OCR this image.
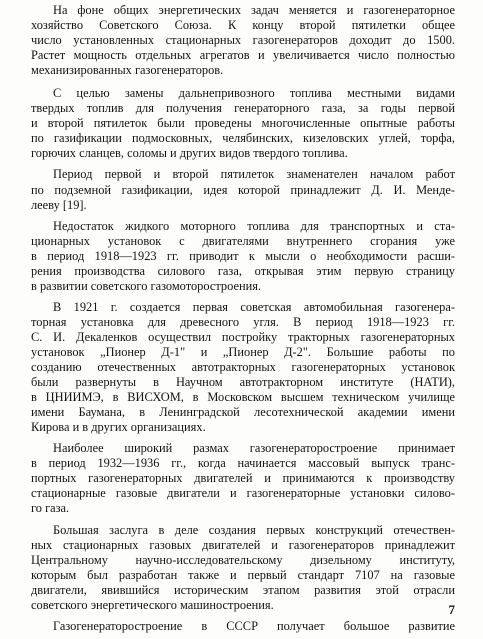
На фоне общих энергетических задач меняется и газогенераторное
хозяйство Советского Союза. К концу второй пятилетки общее
число установленных стационарных газогенераторов доходит до 1500.
Растет мощность отдельных агрегатов и увеличивается число полностью
механизированных газогенераторов.
С целью замены дальнепривозного топлива местными видами
твердых топлив для получения генераторного газа, за годы первой
и второй пятилеток были проведены многочисленные опытные работы
по газификации подмосковных, челябинских, кизеловских углей, торфа,
горючих сланцев, соломы и других видов твердого топлива.
Период первой и второй пятилеток знаменателен началом работ
по подземной газификации, идея которой принадлежит Д. И. Менде-
лееву [19].
Недостаток жидкого моторного топлива для транспортных и ста-
ционарных установок с двигателями внутреннего сгорания уже
в период 1918—1923 гг. приводит к мысли о необходимости расши-
рения производства силового газа, открывая этим первую страницу
в развитии советского газомоторостроения.
В 1921 г. создается первая советская автомобильная газогенера-
торная установка для древесного угля. В период 1918—1923 гг.
С. И. Декаленков осуществил постройку тракторных газогенераторных
установок „Пионер Д-1" и „Пионер Д-2". Большие работы по
созданию отечественных автотракторных газогенераторных установок
были развернуты в Научном автотракторном институте (НАТИ),
в ЦНИИМЭ, в ВИСХОМ, в Московском высшем техническом училище
имени Баумана, в Ленинградской лесотехнической академии имени
Кирова и в других организациях.
Наиболее широкий размах газогенераторостроение принимает
в период 1932—1936 гг., когда начинается массовый выпуск транс-
портных газогенераторных двигателей и принимаются к производству
стационарные газовые двигатели и газогенераторные установки силово-
го газа.
Большая заслуга в деле создания первых конструкций отечествен-
ных стационарных газовых двигателей и газогенераторов принадлежит
Центральному научно-исследовательскому дизельному институту,
которым был разработан также и первый стандарт 7107 на газовые
двигатели, явившийся историческим этапом развития этой отрасли
советского энергетического машиностроения.
Газогенераторостроение в СССР получает большое развитие
7
